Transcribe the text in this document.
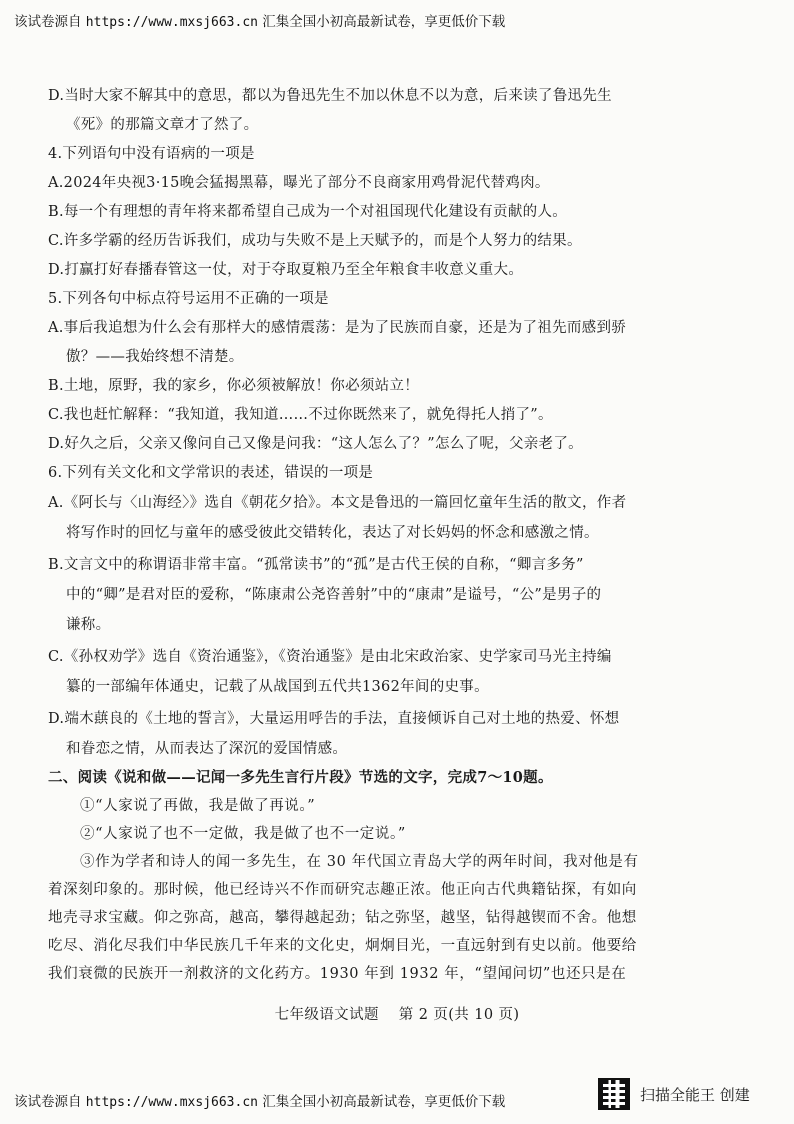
该试卷源自 https://www.mxsj663.cn 汇集全国小初高最新试卷，享更低价下载
D.当时大家不解其中的意思，都以为鲁迅先生不加以休息不以为意，后来读了鲁迅先生
《死》的那篇文章才了然了。
4.下列语句中没有语病的一项是
A.2024年央视3·15晚会猛揭黑幕，曝光了部分不良商家用鸡骨泥代替鸡肉。
B.每一个有理想的青年将来都希望自己成为一个对祖国现代化建设有贡献的人。
C.许多学霸的经历告诉我们，成功与失败不是上天赋予的，而是个人努力的结果。
D.打赢打好春播春管这一仗，对于夺取夏粮乃至全年粮食丰收意义重大。
5.下列各句中标点符号运用不正确的一项是
A.事后我追想为什么会有那样大的感情震荡：是为了民族而自豪，还是为了祖先而感到骄
傲？——我始终想不清楚。
B.土地，原野，我的家乡，你必须被解放！你必须站立！
C.我也赶忙解释：“我知道，我知道……不过你既然来了，就免得托人捎了”。
D.好久之后，父亲又像问自己又像是问我：“这人怎么了？”怎么了呢，父亲老了。
6.下列有关文化和文学常识的表述，错误的一项是
A.《阿长与〈山海经〉》选自《朝花夕拾》。本文是鲁迅的一篇回忆童年生活的散文，作者
将写作时的回忆与童年的感受彼此交错转化，表达了对长妈妈的怀念和感激之情。
B.文言文中的称谓语非常丰富。“孤常读书”的“孤”是古代王侯的自称，“卿言多务”
中的“卿”是君对臣的爱称，“陈康肃公尧咨善射”中的“康肃”是谥号，“公”是男子的
谦称。
C.《孙权劝学》选自《资治通鉴》，《资治通鉴》是由北宋政治家、史学家司马光主持编
纂的一部编年体通史，记载了从战国到五代共1362年间的史事。
D.端木蕻良的《土地的誓言》，大量运用呼告的手法，直接倾诉自己对土地的热爱、怀想
和眷恋之情，从而表达了深沉的爱国情感。
二、阅读《说和做——记闻一多先生言行片段》节选的文字，完成7～10题。
①“人家说了再做，我是做了再说。”
②“人家说了也不一定做，我是做了也不一定说。”
③作为学者和诗人的闻一多先生，在 30 年代国立青岛大学的两年时间，我对他是有
着深刻印象的。那时候，他已经诗兴不作而研究志趣正浓。他正向古代典籍钻探，有如向
地壳寻求宝藏。仰之弥高，越高，攀得越起劲；钻之弥坚，越坚，钻得越锲而不舍。他想
吃尽、消化尽我们中华民族几千年来的文化史，炯炯目光，一直远射到有史以前。他要给
我们衰微的民族开一剂救济的文化药方。1930 年到 1932 年，“望闻问切”也还只是在
七年级语文试题　 第 2 页(共 10 页)
该试卷源自 https://www.mxsj663.cn 汇集全国小初高最新试卷，享更低价下载	扫描全能王 创建
